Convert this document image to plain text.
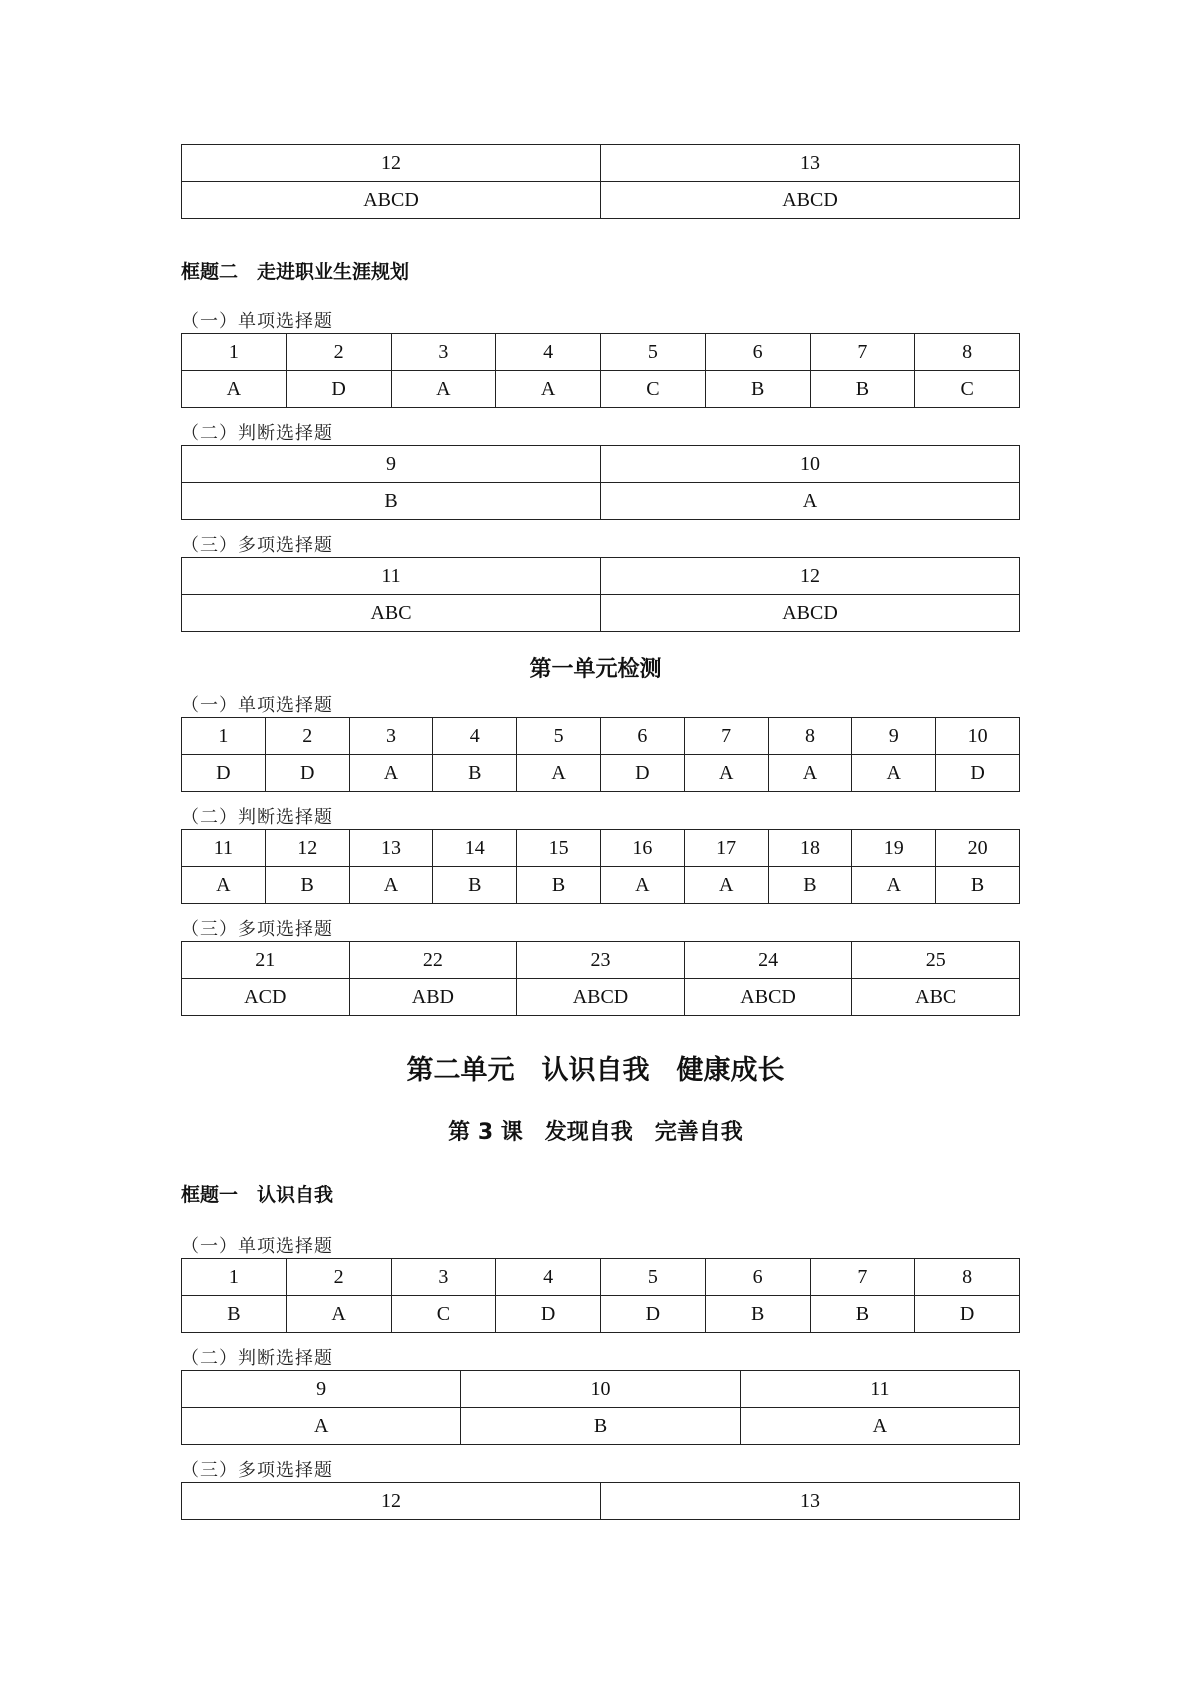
12	13
ABCD	ABCD
框题二　走进职业生涯规划
（一）单项选择题
1	2	3	4	5	6	7	8
A	D	A	A	C	B	B	C
（二）判断选择题
9	10
B	A
（三）多项选择题
11	12
ABC	ABCD
第一单元检测
（一）单项选择题
1	2	3	4	5	6	7	8	9	10
D	D	A	B	A	D	A	A	A	D
（二）判断选择题
11	12	13	14	15	16	17	18	19	20
A	B	A	B	B	A	A	B	A	B
（三）多项选择题
21	22	23	24	25
ACD	ABD	ABCD	ABCD	ABC
第二单元　认识自我　健康成长
第 3 课　发现自我　完善自我
框题一　认识自我
（一）单项选择题
1	2	3	4	5	6	7	8
B	A	C	D	D	B	B	D
（二）判断选择题
9	10	11
A	B	A
（三）多项选择题
12	13
